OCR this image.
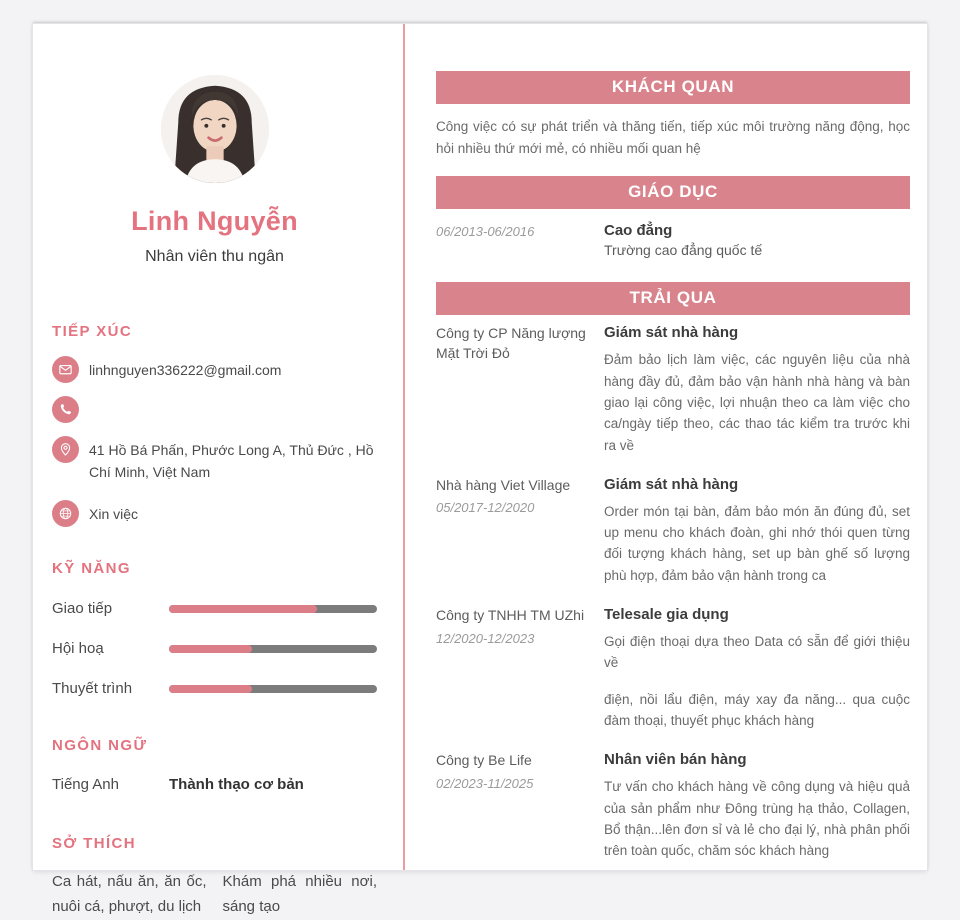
Linh Nguyễn
Nhân viên thu ngân
TIẾP XÚC
linhnguyen336222@gmail.com
41 Hồ Bá Phấn, Phước Long A, Thủ Đức , Hồ Chí Minh, Việt Nam
Xin việc
KỸ NĂNG
Giao tiếp
Hội hoạ
Thuyết trình
NGÔN NGỮ
Tiếng Anh	Thành thạo cơ bản
SỞ THÍCH
Ca hát, nấu ăn, ăn ốc, nuôi cá, phượt, du lịch
Khám phá nhiều nơi, sáng tạo
KHÁCH QUAN

Công việc có sự phát triển và thăng tiến, tiếp xúc môi trường năng động, học hỏi nhiều thứ mới mẻ, có nhiều mối quan hệ

GIÁO DỤC
06/2013-06/2016	Cao đẳng
Trường cao đẳng quốc tế
TRẢI QUA
Công ty CP Năng lượng Mặt Trời Đỏ
Giám sát nhà hàng

Đảm bảo lịch làm việc, các nguyên liệu của nhà hàng đầy đủ, đảm bảo vận hành nhà hàng và bàn giao lại công việc, lợi nhuận theo ca làm việc cho ca/ngày tiếp theo, các thao tác kiểm tra trước khi ra về

Nhà hàng Viet Village
05/2017-12/2020
Giám sát nhà hàng

Order món tại bàn, đảm bảo món ăn đúng đủ, set up menu cho khách đoàn, ghi nhớ thói quen từng đối tượng khách hàng, set up bàn ghế số lượng phù hợp, đảm bảo vận hành trong ca

Công ty TNHH TM UZhi
12/2020-12/2023
Telesale gia dụng

Gọi điện thoại dựa theo Data có sẵn để giới thiệu về

điện, nồi lẩu điện, máy xay đa năng... qua cuộc đàm thoại, thuyết phục khách hàng

Công ty Be Life
02/2023-11/2025
Nhân viên bán hàng

Tư vấn cho khách hàng về công dụng và hiệu quả của sản phẩm như Đông trùng hạ thảo, Collagen, Bổ thận...lên đơn sỉ và lẻ cho đại lý, nhà phân phối trên toàn quốc, chăm sóc khách hàng
